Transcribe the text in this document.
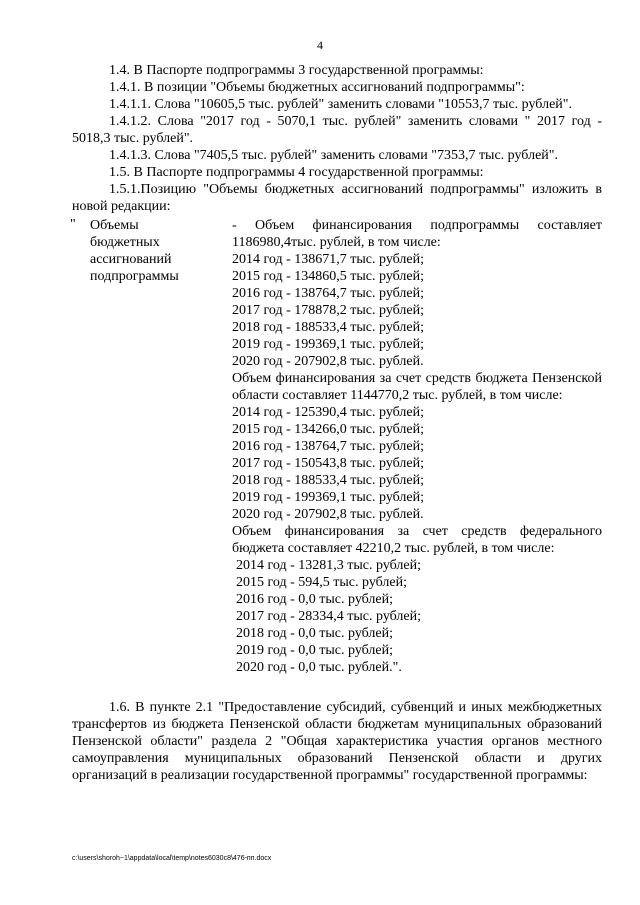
4

1.4. В Паспорте подпрограммы 3 государственной программы:

1.4.1. В позиции "Объемы бюджетных ассигнований подпрограммы":

1.4.1.1. Слова "10605,5 тыс. рублей" заменить словами "10553,7 тыс. рублей".

1.4.1.2. Слова "2017 год - 5070,1 тыс. рублей" заменить словами " 2017 год - 5018,3 тыс. рублей".

1.4.1.3. Слова "7405,5 тыс. рублей" заменить словами "7353,7 тыс. рублей".

1.5. В Паспорте подпрограммы 4 государственной программы:

1.5.1.Позицию "Объемы бюджетных ассигнований подпрограммы" изложить в новой редакции:

" Объемы

бюджетных

ассигнований

подпрограммы

- Объем финансирования подпрограммы составляет 1186980,4тыс. рублей, в том числе:

2014 год - 138671,7 тыс. рублей;

2015 год - 134860,5 тыс. рублей;

2016 год - 138764,7 тыс. рублей;

2017 год - 178878,2 тыс. рублей;

2018 год - 188533,4 тыс. рублей;

2019 год - 199369,1 тыс. рублей;

2020 год - 207902,8 тыс. рублей.

Объем финансирования за счет средств бюджета Пензенской области составляет 1144770,2 тыс. рублей, в том числе:

2014 год - 125390,4 тыс. рублей;

2015 год - 134266,0 тыс. рублей;

2016 год - 138764,7 тыс. рублей;

2017 год - 150543,8 тыс. рублей;

2018 год - 188533,4 тыс. рублей;

2019 год - 199369,1 тыс. рублей;

2020 год - 207902,8 тыс. рублей.

Объем финансирования за счет средств федерального бюджета составляет 42210,2 тыс. рублей, в том числе:

2014 год - 13281,3 тыс. рублей;

2015 год - 594,5 тыс. рублей;

2016 год - 0,0 тыс. рублей;

2017 год - 28334,4 тыс. рублей;

2018 год - 0,0 тыс. рублей;

2019 год - 0,0 тыс. рублей;

2020 год - 0,0 тыс. рублей.".

1.6. В пункте 2.1 "Предоставление субсидий, субвенций и иных межбюджетных трансфертов из бюджета Пензенской области бюджетам муниципальных образований Пензенской области" раздела 2 "Общая характеристика участия органов местного самоуправления муниципальных образований Пензенской области и других организаций в реализации государственной программы" государственной программы:

c:\users\shoroh~1\appdata\local\temp\notes6030c8\476-пп.docx
